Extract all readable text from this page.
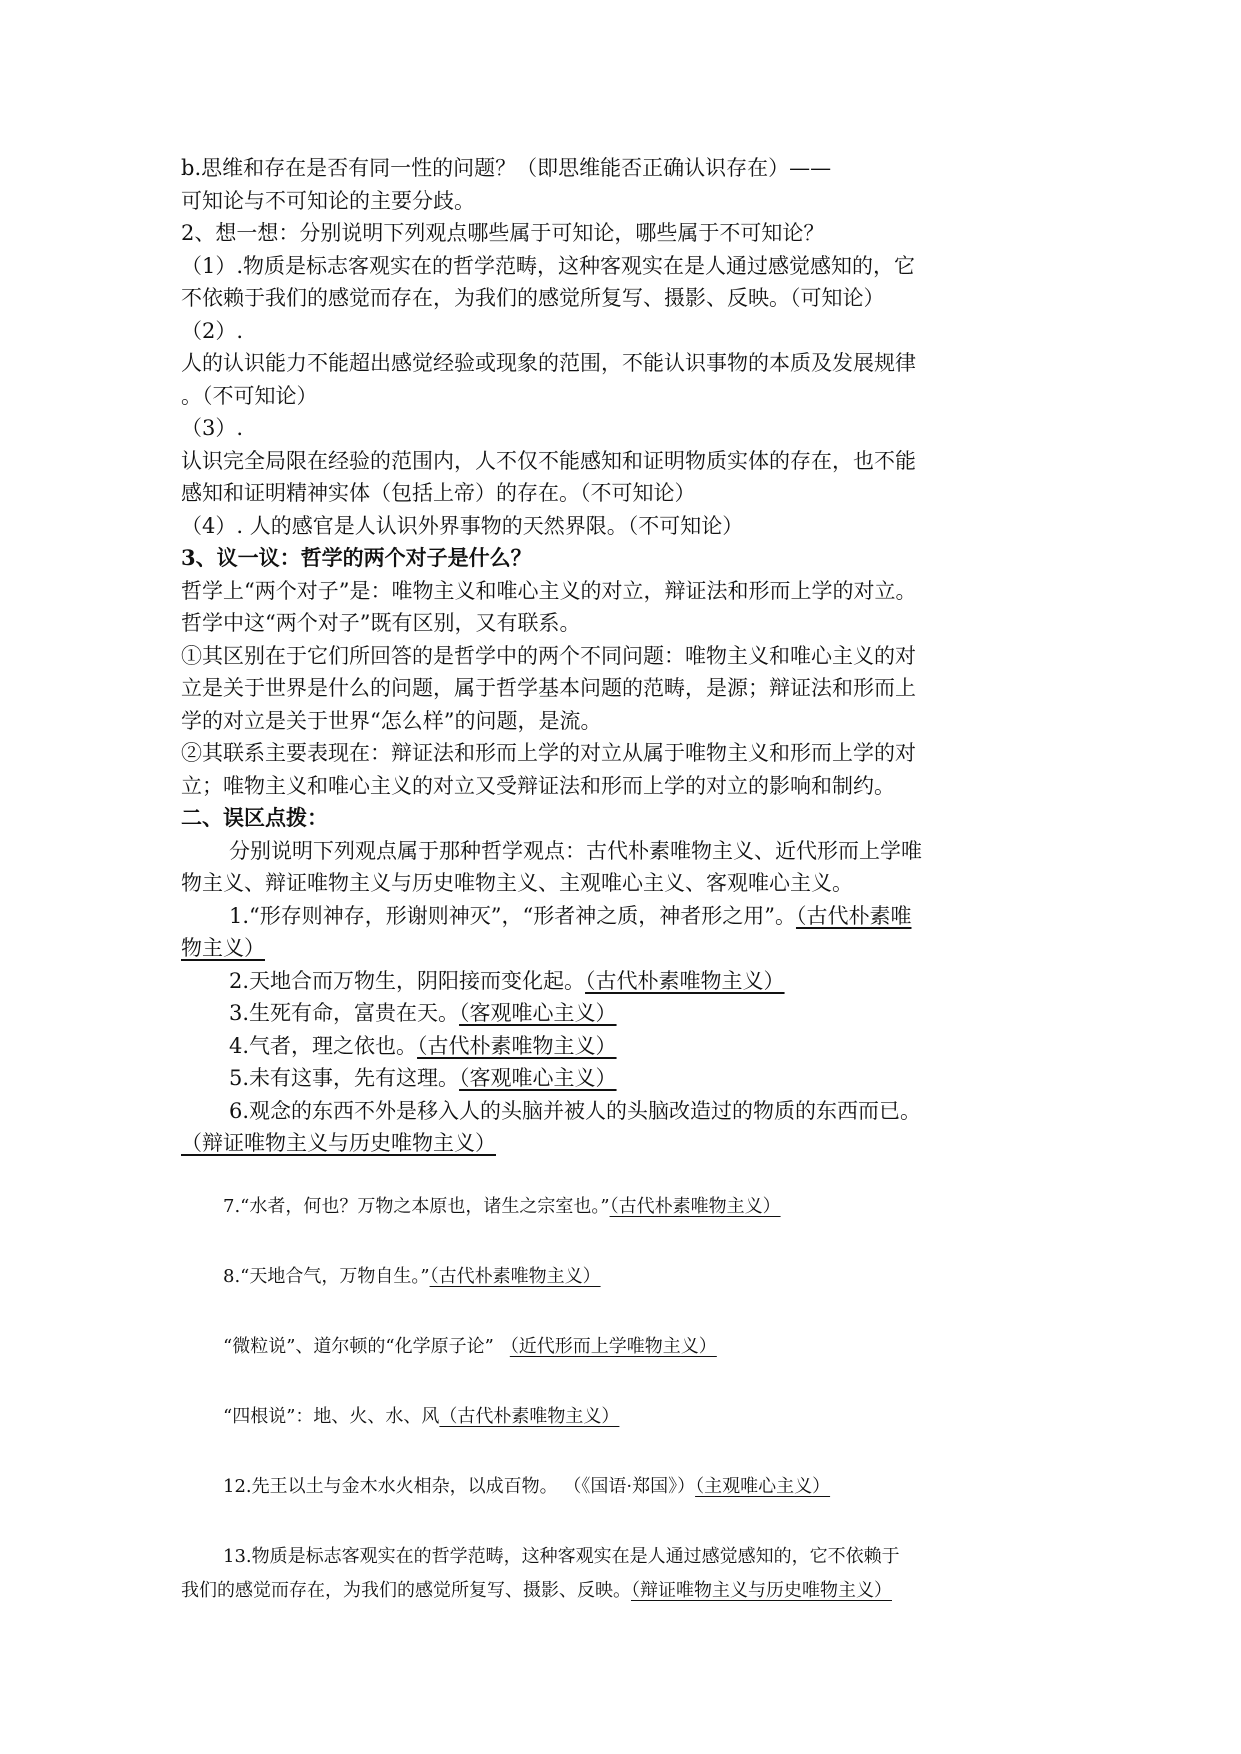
b.思维和存在是否有同一性的问题？（即思维能否正确认识存在）——

可知论与不可知论的主要分歧。

2、想一想：分别说明下列观点哪些属于可知论，哪些属于不可知论？

（1）.物质是标志客观实在的哲学范畴，这种客观实在是人通过感觉感知的，它

不依赖于我们的感觉而存在，为我们的感觉所复写、摄影、反映。（可知论）

（2）.

人的认识能力不能超出感觉经验或现象的范围，不能认识事物的本质及发展规律

。（不可知论）

（3）.

认识完全局限在经验的范围内，人不仅不能感知和证明物质实体的存在，也不能

感知和证明精神实体（包括上帝）的存在。（不可知论）

（4）. 人的感官是人认识外界事物的天然界限。（不可知论）

3、议一议：哲学的两个对子是什么？

哲学上“两个对子”是：唯物主义和唯心主义的对立，辩证法和形而上学的对立。

哲学中这“两个对子”既有区别，又有联系。

①其区别在于它们所回答的是哲学中的两个不同问题：唯物主义和唯心主义的对

立是关于世界是什么的问题，属于哲学基本问题的范畴，是源；辩证法和形而上

学的对立是关于世界“怎么样”的问题，是流。

②其联系主要表现在：辩证法和形而上学的对立从属于唯物主义和形而上学的对

立；唯物主义和唯心主义的对立又受辩证法和形而上学的对立的影响和制约。

二、误区点拨：

分别说明下列观点属于那种哲学观点：古代朴素唯物主义、近代形而上学唯

物主义、辩证唯物主义与历史唯物主义、主观唯心主义、客观唯心主义。

1.“形存则神存，形谢则神灭”，“形者神之质，神者形之用”。（古代朴素唯

物主义）

2.天地合而万物生，阴阳接而变化起。（古代朴素唯物主义）

3.生死有命，富贵在天。（客观唯心主义）

4.气者，理之依也。（古代朴素唯物主义）

5.未有这事，先有这理。（客观唯心主义）

6.观念的东西不外是移入人的头脑并被人的头脑改造过的物质的东西而已。

（辩证唯物主义与历史唯物主义）

7.“水者，何也？万物之本原也，诸生之宗室也。”（古代朴素唯物主义）

8.“天地合气，万物自生。”（古代朴素唯物主义）

“微粒说”、道尔顿的“化学原子论” （近代形而上学唯物主义）

“四根说”：地、火、水、风（古代朴素唯物主义）

12.先王以土与金木水火相杂，以成百物。 （《国语·郑国》）（主观唯心主义）

13.物质是标志客观实在的哲学范畴，这种客观实在是人通过感觉感知的，它不依赖于

我们的感觉而存在，为我们的感觉所复写、摄影、反映。（辩证唯物主义与历史唯物主义）
